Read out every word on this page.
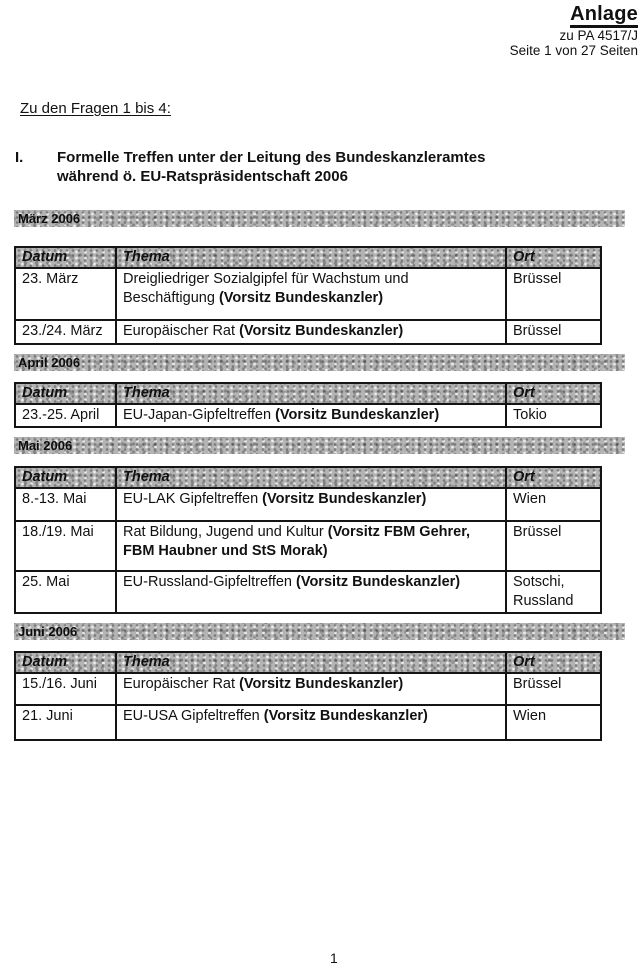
Anlage
zu PA 4517/J
Seite 1 von 27 Seiten
Zu den Fragen 1 bis 4:
I.	Formelle Treffen unter der Leitung des Bundeskanzleramtes
während ö. EU-Ratspräsidentschaft 2006
März 2006
Datum	Thema	Ort
23. März	Dreigliedriger Sozialgipfel für Wachstum und Beschäftigung (Vorsitz Bundeskanzler)	Brüssel
23./24. März	Europäischer Rat (Vorsitz Bundeskanzler)	Brüssel
April 2006
Datum	Thema	Ort
23.-25. April	EU-Japan-Gipfeltreffen (Vorsitz Bundeskanzler)	Tokio
Mai 2006
Datum	Thema	Ort
8.-13. Mai	EU-LAK Gipfeltreffen (Vorsitz Bundeskanzler)	Wien
18./19. Mai	Rat Bildung, Jugend und Kultur (Vorsitz FBM Gehrer, FBM Haubner und StS Morak)	Brüssel
25. Mai	EU-Russland-Gipfeltreffen (Vorsitz Bundeskanzler)	Sotschi, Russland
Juni 2006
Datum	Thema	Ort
15./16. Juni	Europäischer Rat (Vorsitz Bundeskanzler)	Brüssel
21. Juni	EU-USA Gipfeltreffen (Vorsitz Bundeskanzler)	Wien
1
